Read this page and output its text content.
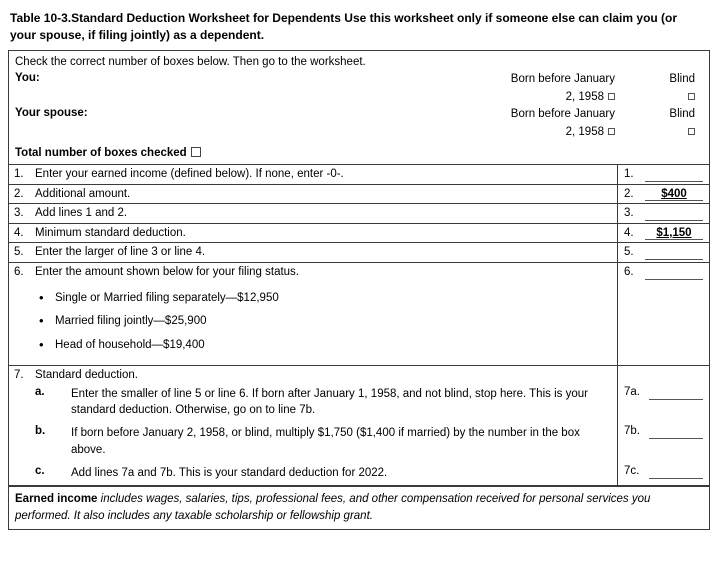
Table 10-3.Standard Deduction Worksheet for Dependents Use this worksheet only if someone else can claim you (or your spouse, if filing jointly) as a dependent.
Check the correct number of boxes below. Then go to the worksheet.
You:	Born before January	Blind
2, 1958
Your spouse:	Born before January	Blind
2, 1958
Total number of boxes checked
1. Enter your earned income (defined below). If none, enter -0-.	1.
2. Additional amount.	2.	$400
3. Add lines 1 and 2.	3.
4. Minimum standard deduction.	4.	$1,150
5. Enter the larger of line 3 or line 4.	5.
6. Enter the amount shown below for your filing status.	6.
• Single or Married filing separately—$12,950
• Married filing jointly—$25,900
• Head of household—$19,400
7. Standard deduction.
a.	Enter the smaller of line 5 or line 6. If born after January 1, 1958, and not blind, stop here. This is your standard deduction. Otherwise, go on to line 7b.
7a.
b.	If born before January 2, 1958, or blind, multiply $1,750 ($1,400 if married) by the number in the box above.
7b.
c.	Add lines 7a and 7b. This is your standard deduction for 2022.	7c.
Earned income includes wages, salaries, tips, professional fees, and other compensation received for personal services you performed. It also includes any taxable scholarship or fellowship grant.
